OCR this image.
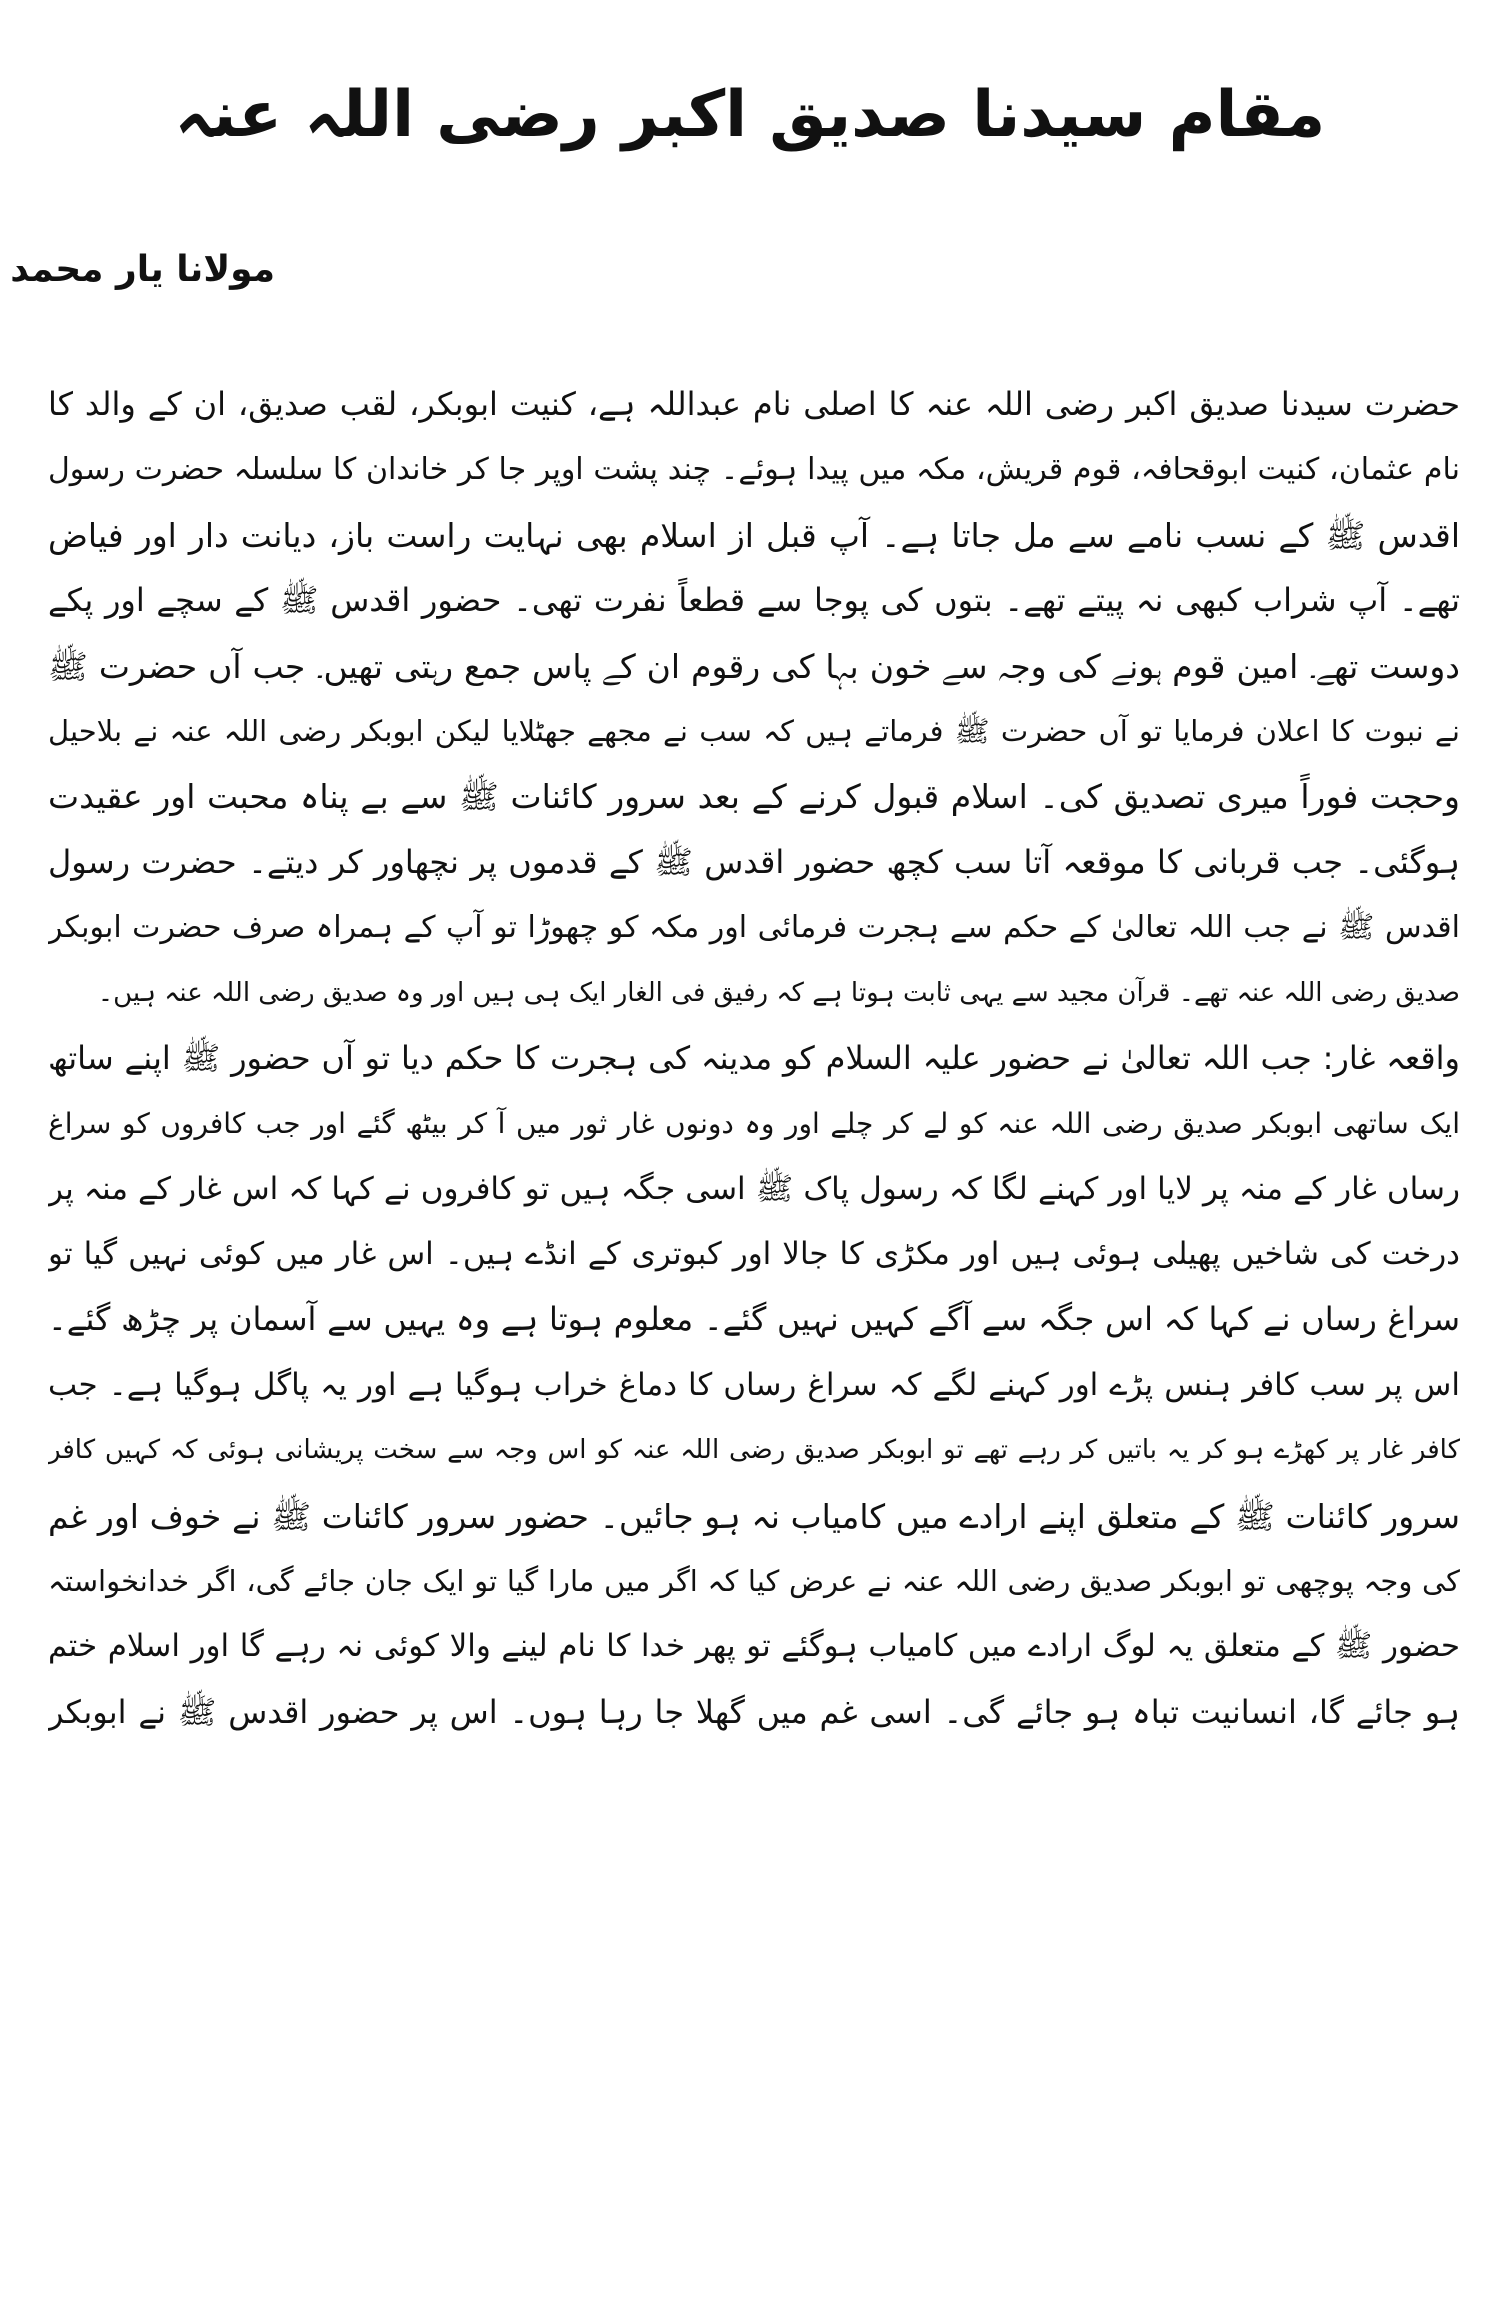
مقام سیدنا صدیق اکبر رضی اللہ عنہ
مولانا یار محمد
حضرت سیدنا صدیق اکبر رضی اللہ عنہ کا اصلی نام عبداللہ ہے، کنیت ابوبکر، لقب صدیق، ان کے والد کا
نام عثمان، کنیت ابوقحافہ، قوم قریش، مکہ میں پیدا ہوئے۔ چند پشت اوپر جا کر خاندان کا سلسلہ حضرت رسول
اقدس ﷺ کے نسب نامے سے مل جاتا ہے۔ آپ قبل از اسلام بھی نہایت راست باز، دیانت دار اور فیاض
تھے۔ آپ شراب کبھی نہ پیتے تھے۔ بتوں کی پوجا سے قطعاً نفرت تھی۔ حضور اقدس ﷺ کے سچے اور پکے
دوست تھے۔ امین قوم ہونے کی وجہ سے خون بہا کی رقوم ان کے پاس جمع رہتی تھیں۔ جب آں حضرت ﷺ
نے نبوت کا اعلان فرمایا تو آں حضرت ﷺ فرماتے ہیں کہ سب نے مجھے جھٹلایا لیکن ابوبکر رضی اللہ عنہ نے بلاحیل
وحجت فوراً میری تصدیق کی۔ اسلام قبول کرنے کے بعد سرور کائنات ﷺ سے بے پناہ محبت اور عقیدت
ہوگئی۔ جب قربانی کا موقعہ آتا سب کچھ حضور اقدس ﷺ کے قدموں پر نچھاور کر دیتے۔ حضرت رسول
اقدس ﷺ نے جب اللہ تعالیٰ کے حکم سے ہجرت فرمائی اور مکہ کو چھوڑا تو آپ کے ہمراہ صرف حضرت ابوبکر
صدیق رضی اللہ عنہ تھے۔ قرآن مجید سے یہی ثابت ہوتا ہے کہ رفیق فی الغار ایک ہی ہیں اور وہ صدیق رضی اللہ عنہ ہیں۔
واقعہ غار: جب اللہ تعالیٰ نے حضور علیہ السلام کو مدینہ کی ہجرت کا حکم دیا تو آں حضور ﷺ اپنے ساتھ
ایک ساتھی ابوبکر صدیق رضی اللہ عنہ کو لے کر چلے اور وہ دونوں غار ثور میں آ کر بیٹھ گئے اور جب کافروں کو سراغ
رساں غار کے منہ پر لایا اور کہنے لگا کہ رسول پاک ﷺ اسی جگہ ہیں تو کافروں نے کہا کہ اس غار کے منہ پر
درخت کی شاخیں پھیلی ہوئی ہیں اور مکڑی کا جالا اور کبوتری کے انڈے ہیں۔ اس غار میں کوئی نہیں گیا تو
سراغ رساں نے کہا کہ اس جگہ سے آگے کہیں نہیں گئے۔ معلوم ہوتا ہے وہ یہیں سے آسمان پر چڑھ گئے۔
اس پر سب کافر ہنس پڑے اور کہنے لگے کہ سراغ رساں کا دماغ خراب ہوگیا ہے اور یہ پاگل ہوگیا ہے۔ جب
کافر غار پر کھڑے ہو کر یہ باتیں کر رہے تھے تو ابوبکر صدیق رضی اللہ عنہ کو اس وجہ سے سخت پریشانی ہوئی کہ کہیں کافر
سرور کائنات ﷺ کے متعلق اپنے ارادے میں کامیاب نہ ہو جائیں۔ حضور سرور کائنات ﷺ نے خوف اور غم
کی وجہ پوچھی تو ابوبکر صدیق رضی اللہ عنہ نے عرض کیا کہ اگر میں مارا گیا تو ایک جان جائے گی، اگر خدانخواستہ
حضور ﷺ کے متعلق یہ لوگ ارادے میں کامیاب ہوگئے تو پھر خدا کا نام لینے والا کوئی نہ رہے گا اور اسلام ختم
ہو جائے گا، انسانیت تباہ ہو جائے گی۔ اسی غم میں گھلا جا رہا ہوں۔ اس پر حضور اقدس ﷺ نے ابوبکر
